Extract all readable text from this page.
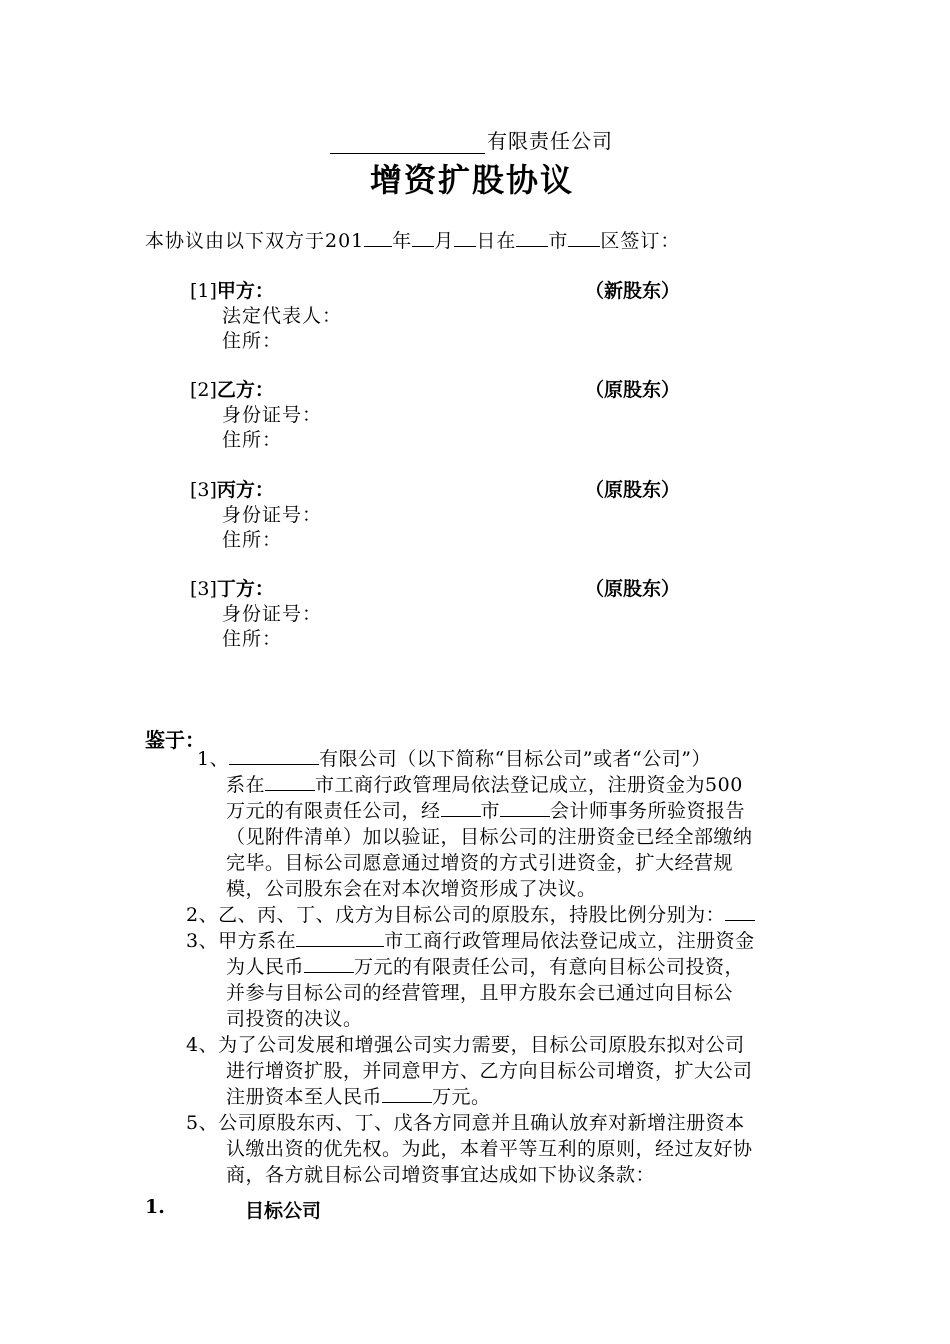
有限责任公司
增资扩股协议
本协议由以下双方于201 年 月 日在 市 区签订：
[1]甲方：	（新股东）
法定代表人：
住所：
[2]乙方：	（原股东）
身份证号：
住所：
[3]丙方：	（原股东）
身份证号：
住所：
[3]丁方：	（原股东）
身份证号：
住所：
鉴于：
1、	有限公司（以下简称“目标公司”或者“公司”）
系在	市工商行政管理局依法登记成立，注册资金为500
万元的有限责任公司，经 市	会计师事务所验资报告
（见附件清单）加以验证，目标公司的注册资金已经全部缴纳
完毕。目标公司愿意通过增资的方式引进资金，扩大经营规
模，公司股东会在对本次增资形成了决议。
2、乙、丙、丁、戊方为目标公司的原股东，持股比例分别为：
3、甲方系在	市工商行政管理局依法登记成立，注册资金
为人民币	万元的有限责任公司，有意向目标公司投资，
并参与目标公司的经营管理，且甲方股东会已通过向目标公
司投资的决议。
4、为了公司发展和增强公司实力需要，目标公司原股东拟对公司
进行增资扩股，并同意甲方、乙方向目标公司增资，扩大公司
注册资本至人民币	万元。
5、公司原股东丙、丁、戊各方同意并且确认放弃对新增注册资本
认缴出资的优先权。为此，本着平等互利的原则，经过友好协
商，各方就目标公司增资事宜达成如下协议条款：
1.	目标公司
